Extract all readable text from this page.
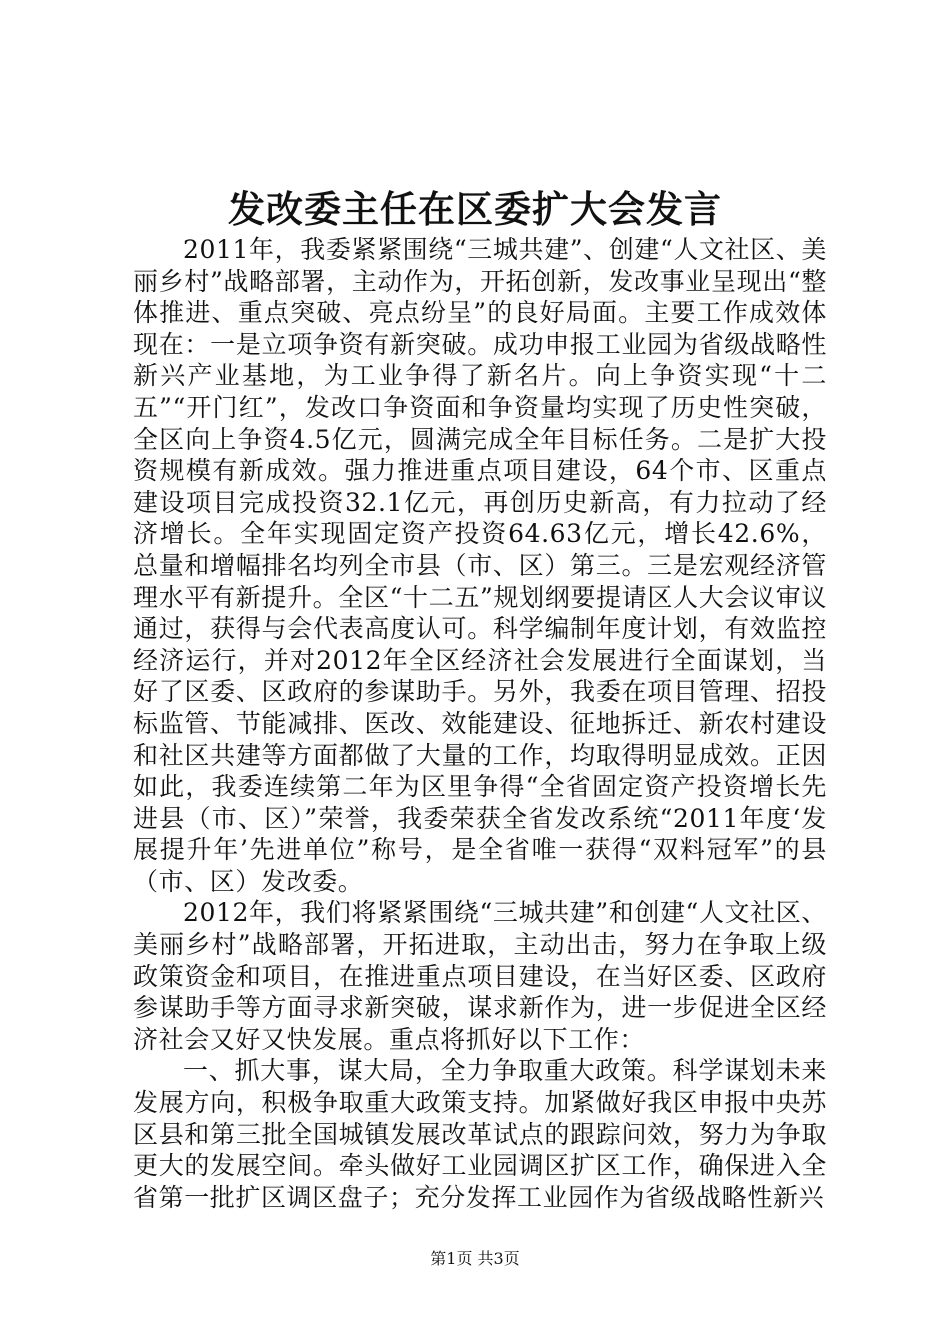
发改委主任在区委扩大会发言

2011年，我委紧紧围绕“三城共建”、创建“人文社区、美丽乡村”战略部署，主动作为，开拓创新，发改事业呈现出“整体推进、重点突破、亮点纷呈”的良好局面。主要工作成效体现在：一是立项争资有新突破。成功申报工业园为省级战略性新兴产业基地，为工业争得了新名片。向上争资实现“十二五”“开门红”，发改口争资面和争资量均实现了历史性突破，全区向上争资4.5亿元，圆满完成全年目标任务。二是扩大投资规模有新成效。强力推进重点项目建设，64个市、区重点建设项目完成投资32.1亿元，再创历史新高，有力拉动了经济增长。全年实现固定资产投资64.63亿元，增长42.6%，总量和增幅排名均列全市县（市、区）第三。三是宏观经济管理水平有新提升。全区“十二五”规划纲要提请区人大会议审议通过，获得与会代表高度认可。科学编制年度计划，有效监控经济运行，并对2012年全区经济社会发展进行全面谋划，当好了区委、区政府的参谋助手。另外，我委在项目管理、招投标监管、节能减排、医改、效能建设、征地拆迁、新农村建设和社区共建等方面都做了大量的工作，均取得明显成效。正因如此，我委连续第二年为区里争得“全省固定资产投资增长先进县（市、区）”荣誉，我委荣获全省发改系统“2011年度‘发展提升年’先进单位”称号，是全省唯一获得“双料冠军”的县（市、区）发改委。

2012年，我们将紧紧围绕“三城共建”和创建“人文社区、美丽乡村”战略部署，开拓进取，主动出击，努力在争取上级政策资金和项目，在推进重点项目建设，在当好区委、区政府参谋助手等方面寻求新突破，谋求新作为，进一步促进全区经济社会又好又快发展。重点将抓好以下工作：

一、抓大事，谋大局，全力争取重大政策。科学谋划未来发展方向，积极争取重大政策支持。加紧做好我区申报中央苏区县和第三批全国城镇发展改革试点的跟踪问效，努力为争取更大的发展空间。牵头做好工业园调区扩区工作，确保进入全省第一批扩区调区盘子；充分发挥工业园作为省级战略性新兴

第1页 共3页
